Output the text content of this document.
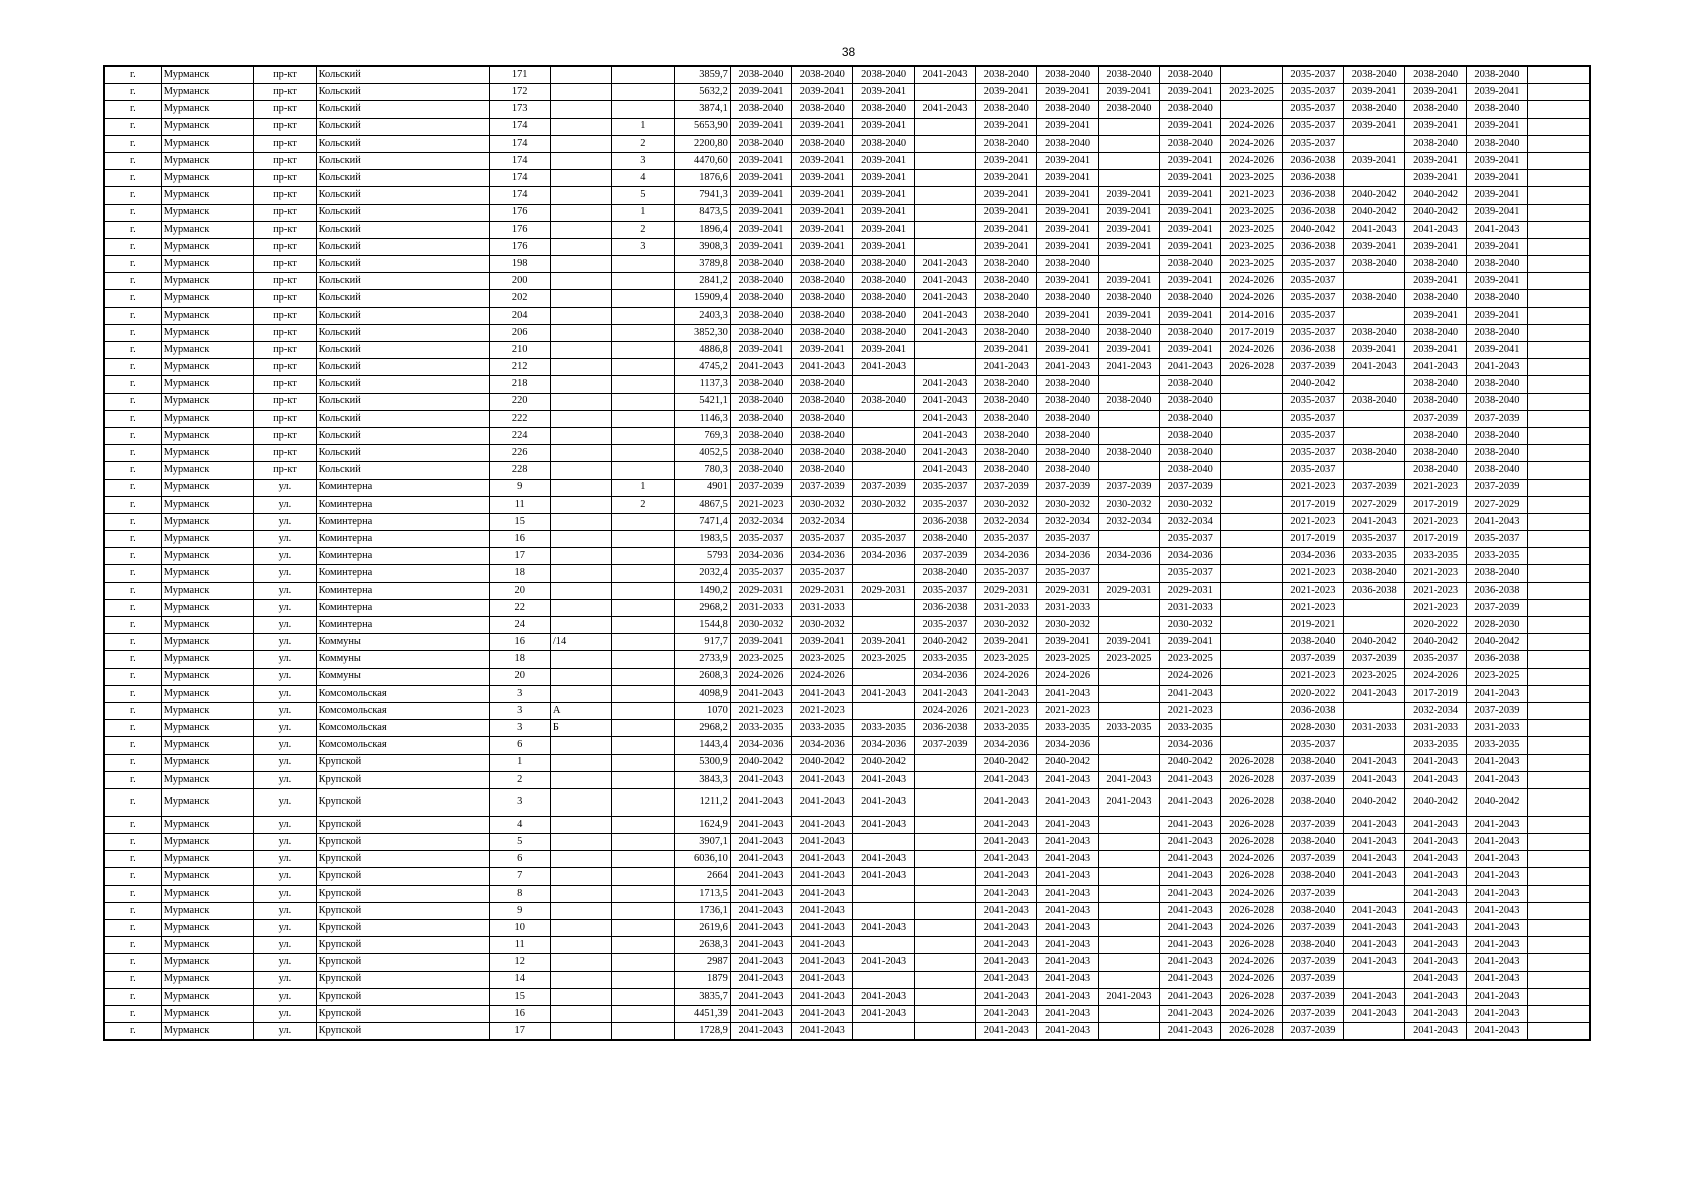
38
г.	Мурманск	пр-кт	Кольский	171			3859,7	2038-2040	2038-2040	2038-2040	2041-2043	2038-2040	2038-2040	2038-2040	2038-2040		2035-2037	2038-2040	2038-2040	2038-2040	
г.	Мурманск	пр-кт	Кольский	172			5632,2	2039-2041	2039-2041	2039-2041		2039-2041	2039-2041	2039-2041	2039-2041	2023-2025	2035-2037	2039-2041	2039-2041	2039-2041	
г.	Мурманск	пр-кт	Кольский	173			3874,1	2038-2040	2038-2040	2038-2040	2041-2043	2038-2040	2038-2040	2038-2040	2038-2040		2035-2037	2038-2040	2038-2040	2038-2040	
г.	Мурманск	пр-кт	Кольский	174		1	5653,90	2039-2041	2039-2041	2039-2041		2039-2041	2039-2041		2039-2041	2024-2026	2035-2037	2039-2041	2039-2041	2039-2041	
г.	Мурманск	пр-кт	Кольский	174		2	2200,80	2038-2040	2038-2040	2038-2040		2038-2040	2038-2040		2038-2040	2024-2026	2035-2037		2038-2040	2038-2040	
г.	Мурманск	пр-кт	Кольский	174		3	4470,60	2039-2041	2039-2041	2039-2041		2039-2041	2039-2041		2039-2041	2024-2026	2036-2038	2039-2041	2039-2041	2039-2041	
г.	Мурманск	пр-кт	Кольский	174		4	1876,6	2039-2041	2039-2041	2039-2041		2039-2041	2039-2041		2039-2041	2023-2025	2036-2038		2039-2041	2039-2041	
г.	Мурманск	пр-кт	Кольский	174		5	7941,3	2039-2041	2039-2041	2039-2041		2039-2041	2039-2041	2039-2041	2039-2041	2021-2023	2036-2038	2040-2042	2040-2042	2039-2041	
г.	Мурманск	пр-кт	Кольский	176		1	8473,5	2039-2041	2039-2041	2039-2041		2039-2041	2039-2041	2039-2041	2039-2041	2023-2025	2036-2038	2040-2042	2040-2042	2039-2041	
г.	Мурманск	пр-кт	Кольский	176		2	1896,4	2039-2041	2039-2041	2039-2041		2039-2041	2039-2041	2039-2041	2039-2041	2023-2025	2040-2042	2041-2043	2041-2043	2041-2043	
г.	Мурманск	пр-кт	Кольский	176		3	3908,3	2039-2041	2039-2041	2039-2041		2039-2041	2039-2041	2039-2041	2039-2041	2023-2025	2036-2038	2039-2041	2039-2041	2039-2041	
г.	Мурманск	пр-кт	Кольский	198			3789,8	2038-2040	2038-2040	2038-2040	2041-2043	2038-2040	2038-2040		2038-2040	2023-2025	2035-2037	2038-2040	2038-2040	2038-2040	
г.	Мурманск	пр-кт	Кольский	200			2841,2	2038-2040	2038-2040	2038-2040	2041-2043	2038-2040	2039-2041	2039-2041	2039-2041	2024-2026	2035-2037		2039-2041	2039-2041	
г.	Мурманск	пр-кт	Кольский	202			15909,4	2038-2040	2038-2040	2038-2040	2041-2043	2038-2040	2038-2040	2038-2040	2038-2040	2024-2026	2035-2037	2038-2040	2038-2040	2038-2040	
г.	Мурманск	пр-кт	Кольский	204			2403,3	2038-2040	2038-2040	2038-2040	2041-2043	2038-2040	2039-2041	2039-2041	2039-2041	2014-2016	2035-2037		2039-2041	2039-2041	
г.	Мурманск	пр-кт	Кольский	206			3852,30	2038-2040	2038-2040	2038-2040	2041-2043	2038-2040	2038-2040	2038-2040	2038-2040	2017-2019	2035-2037	2038-2040	2038-2040	2038-2040	
г.	Мурманск	пр-кт	Кольский	210			4886,8	2039-2041	2039-2041	2039-2041		2039-2041	2039-2041	2039-2041	2039-2041	2024-2026	2036-2038	2039-2041	2039-2041	2039-2041	
г.	Мурманск	пр-кт	Кольский	212			4745,2	2041-2043	2041-2043	2041-2043		2041-2043	2041-2043	2041-2043	2041-2043	2026-2028	2037-2039	2041-2043	2041-2043	2041-2043	
г.	Мурманск	пр-кт	Кольский	218			1137,3	2038-2040	2038-2040		2041-2043	2038-2040	2038-2040		2038-2040		2040-2042		2038-2040	2038-2040	
г.	Мурманск	пр-кт	Кольский	220			5421,1	2038-2040	2038-2040	2038-2040	2041-2043	2038-2040	2038-2040	2038-2040	2038-2040		2035-2037	2038-2040	2038-2040	2038-2040	
г.	Мурманск	пр-кт	Кольский	222			1146,3	2038-2040	2038-2040		2041-2043	2038-2040	2038-2040		2038-2040		2035-2037		2037-2039	2037-2039	
г.	Мурманск	пр-кт	Кольский	224			769,3	2038-2040	2038-2040		2041-2043	2038-2040	2038-2040		2038-2040		2035-2037		2038-2040	2038-2040	
г.	Мурманск	пр-кт	Кольский	226			4052,5	2038-2040	2038-2040	2038-2040	2041-2043	2038-2040	2038-2040	2038-2040	2038-2040		2035-2037	2038-2040	2038-2040	2038-2040	
г.	Мурманск	пр-кт	Кольский	228			780,3	2038-2040	2038-2040		2041-2043	2038-2040	2038-2040		2038-2040		2035-2037		2038-2040	2038-2040	
г.	Мурманск	ул.	Коминтерна	9		1	4901	2037-2039	2037-2039	2037-2039	2035-2037	2037-2039	2037-2039	2037-2039	2037-2039		2021-2023	2037-2039	2021-2023	2037-2039	
г.	Мурманск	ул.	Коминтерна	11		2	4867,5	2021-2023	2030-2032	2030-2032	2035-2037	2030-2032	2030-2032	2030-2032	2030-2032		2017-2019	2027-2029	2017-2019	2027-2029	
г.	Мурманск	ул.	Коминтерна	15			7471,4	2032-2034	2032-2034		2036-2038	2032-2034	2032-2034	2032-2034	2032-2034		2021-2023	2041-2043	2021-2023	2041-2043	
г.	Мурманск	ул.	Коминтерна	16			1983,5	2035-2037	2035-2037	2035-2037	2038-2040	2035-2037	2035-2037		2035-2037		2017-2019	2035-2037	2017-2019	2035-2037	
г.	Мурманск	ул.	Коминтерна	17			5793	2034-2036	2034-2036	2034-2036	2037-2039	2034-2036	2034-2036	2034-2036	2034-2036		2034-2036	2033-2035	2033-2035	2033-2035	
г.	Мурманск	ул.	Коминтерна	18			2032,4	2035-2037	2035-2037		2038-2040	2035-2037	2035-2037		2035-2037		2021-2023	2038-2040	2021-2023	2038-2040	
г.	Мурманск	ул.	Коминтерна	20			1490,2	2029-2031	2029-2031	2029-2031	2035-2037	2029-2031	2029-2031	2029-2031	2029-2031		2021-2023	2036-2038	2021-2023	2036-2038	
г.	Мурманск	ул.	Коминтерна	22			2968,2	2031-2033	2031-2033		2036-2038	2031-2033	2031-2033		2031-2033		2021-2023		2021-2023	2037-2039	
г.	Мурманск	ул.	Коминтерна	24			1544,8	2030-2032	2030-2032		2035-2037	2030-2032	2030-2032		2030-2032		2019-2021		2020-2022	2028-2030	
г.	Мурманск	ул.	Коммуны	16	/14		917,7	2039-2041	2039-2041	2039-2041	2040-2042	2039-2041	2039-2041	2039-2041	2039-2041		2038-2040	2040-2042	2040-2042	2040-2042	
г.	Мурманск	ул.	Коммуны	18			2733,9	2023-2025	2023-2025	2023-2025	2033-2035	2023-2025	2023-2025	2023-2025	2023-2025		2037-2039	2037-2039	2035-2037	2036-2038	
г.	Мурманск	ул.	Коммуны	20			2608,3	2024-2026	2024-2026		2034-2036	2024-2026	2024-2026		2024-2026		2021-2023	2023-2025	2024-2026	2023-2025	
г.	Мурманск	ул.	Комсомольская	3			4098,9	2041-2043	2041-2043	2041-2043	2041-2043	2041-2043	2041-2043		2041-2043		2020-2022	2041-2043	2017-2019	2041-2043	
г.	Мурманск	ул.	Комсомольская	3	А		1070	2021-2023	2021-2023		2024-2026	2021-2023	2021-2023		2021-2023		2036-2038		2032-2034	2037-2039	
г.	Мурманск	ул.	Комсомольская	3	Б		2968,2	2033-2035	2033-2035	2033-2035	2036-2038	2033-2035	2033-2035	2033-2035	2033-2035		2028-2030	2031-2033	2031-2033	2031-2033	
г.	Мурманск	ул.	Комсомольская	6			1443,4	2034-2036	2034-2036	2034-2036	2037-2039	2034-2036	2034-2036		2034-2036		2035-2037		2033-2035	2033-2035	
г.	Мурманск	ул.	Крупской	1			5300,9	2040-2042	2040-2042	2040-2042		2040-2042	2040-2042		2040-2042	2026-2028	2038-2040	2041-2043	2041-2043	2041-2043	
г.	Мурманск	ул.	Крупской	2			3843,3	2041-2043	2041-2043	2041-2043		2041-2043	2041-2043	2041-2043	2041-2043	2026-2028	2037-2039	2041-2043	2041-2043	2041-2043	
г.	Мурманск	ул.	Крупской	3			1211,2	2041-2043	2041-2043	2041-2043		2041-2043	2041-2043	2041-2043	2041-2043	2026-2028	2038-2040	2040-2042	2040-2042	2040-2042	
г.	Мурманск	ул.	Крупской	4			1624,9	2041-2043	2041-2043	2041-2043		2041-2043	2041-2043		2041-2043	2026-2028	2037-2039	2041-2043	2041-2043	2041-2043	
г.	Мурманск	ул.	Крупской	5			3907,1	2041-2043	2041-2043			2041-2043	2041-2043		2041-2043	2026-2028	2038-2040	2041-2043	2041-2043	2041-2043	
г.	Мурманск	ул.	Крупской	6			6036,10	2041-2043	2041-2043	2041-2043		2041-2043	2041-2043		2041-2043	2024-2026	2037-2039	2041-2043	2041-2043	2041-2043	
г.	Мурманск	ул.	Крупской	7			2664	2041-2043	2041-2043	2041-2043		2041-2043	2041-2043		2041-2043	2026-2028	2038-2040	2041-2043	2041-2043	2041-2043	
г.	Мурманск	ул.	Крупской	8			1713,5	2041-2043	2041-2043			2041-2043	2041-2043		2041-2043	2024-2026	2037-2039		2041-2043	2041-2043	
г.	Мурманск	ул.	Крупской	9			1736,1	2041-2043	2041-2043			2041-2043	2041-2043		2041-2043	2026-2028	2038-2040	2041-2043	2041-2043	2041-2043	
г.	Мурманск	ул.	Крупской	10			2619,6	2041-2043	2041-2043	2041-2043		2041-2043	2041-2043		2041-2043	2024-2026	2037-2039	2041-2043	2041-2043	2041-2043	
г.	Мурманск	ул.	Крупской	11			2638,3	2041-2043	2041-2043			2041-2043	2041-2043		2041-2043	2026-2028	2038-2040	2041-2043	2041-2043	2041-2043	
г.	Мурманск	ул.	Крупской	12			2987	2041-2043	2041-2043	2041-2043		2041-2043	2041-2043		2041-2043	2024-2026	2037-2039	2041-2043	2041-2043	2041-2043	
г.	Мурманск	ул.	Крупской	14			1879	2041-2043	2041-2043			2041-2043	2041-2043		2041-2043	2024-2026	2037-2039		2041-2043	2041-2043	
г.	Мурманск	ул.	Крупской	15			3835,7	2041-2043	2041-2043	2041-2043		2041-2043	2041-2043	2041-2043	2041-2043	2026-2028	2037-2039	2041-2043	2041-2043	2041-2043	
г.	Мурманск	ул.	Крупской	16			4451,39	2041-2043	2041-2043	2041-2043		2041-2043	2041-2043		2041-2043	2024-2026	2037-2039	2041-2043	2041-2043	2041-2043	
г.	Мурманск	ул.	Крупской	17			1728,9	2041-2043	2041-2043			2041-2043	2041-2043		2041-2043	2026-2028	2037-2039		2041-2043	2041-2043	
